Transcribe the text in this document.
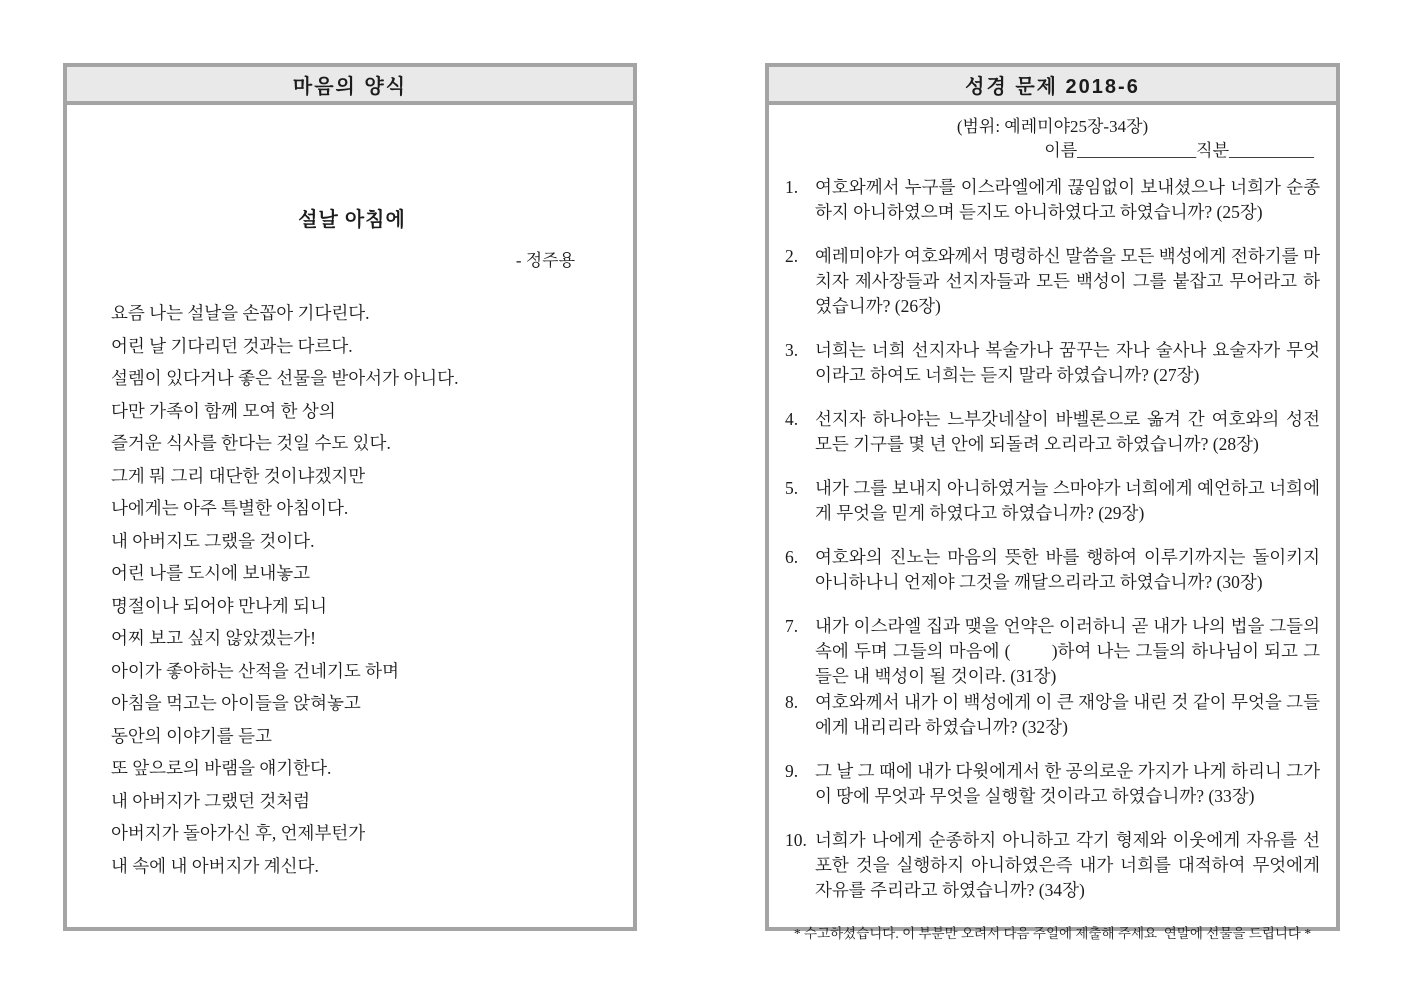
마음의 양식
설날 아침에
- 정주용
요즘 나는 설날을 손꼽아 기다린다.
어린 날 기다리던 것과는 다르다.
설렘이 있다거나 좋은 선물을 받아서가 아니다.
다만 가족이 함께 모여 한 상의
즐거운 식사를 한다는 것일 수도 있다.
그게 뭐 그리 대단한 것이냐겠지만
나에게는 아주 특별한 아침이다.
내 아버지도 그랬을 것이다.
어린 나를 도시에 보내놓고
명절이나 되어야 만나게 되니
어찌 보고 싶지 않았겠는가!
아이가 좋아하는 산적을 건네기도 하며
아침을 먹고는 아이들을 앉혀놓고
동안의 이야기를 듣고
또 앞으로의 바램을 얘기한다.
내 아버지가 그랬던 것처럼
아버지가 돌아가신 후, 언제부턴가
내 속에 내 아버지가 계신다.
성경 문제 2018-6
(범위: 예레미야25장-34장)
이름______________직분__________
1. 여호와께서 누구를 이스라엘에게 끊임없이 보내셨으나 너희가 순종하지 아니하였으며 듣지도 아니하였다고 하였습니까? (25장)
2. 예레미야가 여호와께서 명령하신 말씀을 모든 백성에게 전하기를 마치자 제사장들과 선지자들과 모든 백성이 그를 붙잡고 무어라고 하였습니까? (26장)
3. 너희는 너희 선지자나 복술가나 꿈꾸는 자나 술사나 요술자가 무엇이라고 하여도 너희는 듣지 말라 하였습니까? (27장)
4. 선지자 하나야는 느부갓네살이 바벨론으로 옮겨 간 여호와의 성전 모든 기구를 몇 년 안에 되돌려 오리라고 하였습니까? (28장)
5. 내가 그를 보내지 아니하였거늘 스마야가 너희에게 예언하고 너희에게 무엇을 믿게 하였다고 하였습니까? (29장)
6. 여호와의 진노는 마음의 뜻한 바를 행하여 이루기까지는 돌이키지 아니하나니 언제야 그것을 깨달으리라고 하였습니까? (30장)
7. 내가 이스라엘 집과 맺을 언약은 이러하니 곧 내가 나의 법을 그들의 속에 두며 그들의 마음에 (        )하여 나는 그들의 하나님이 되고 그들은 내 백성이 될 것이라. (31장)
8. 여호와께서 내가 이 백성에게 이 큰 재앙을 내린 것 같이 무엇을 그들에게 내리리라 하였습니까? (32장)
9. 그 날 그 때에 내가 다윗에게서 한 공의로운 가지가 나게 하리니 그가 이 땅에 무엇과 무엇을 실행할 것이라고 하였습니까? (33장)
10. 너희가 나에게 순종하지 아니하고 각기 형제와 이웃에게 자유를 선포한 것을 실행하지 아니하였은즉 내가 너희를 대적하여 무엇에게 자유를 주리라고 하였습니까? (34장)
* 수고하셨습니다. 이 부분만 오려서 다음 주일에 제출해 주세요  연말에 선물을 드립니다 *
